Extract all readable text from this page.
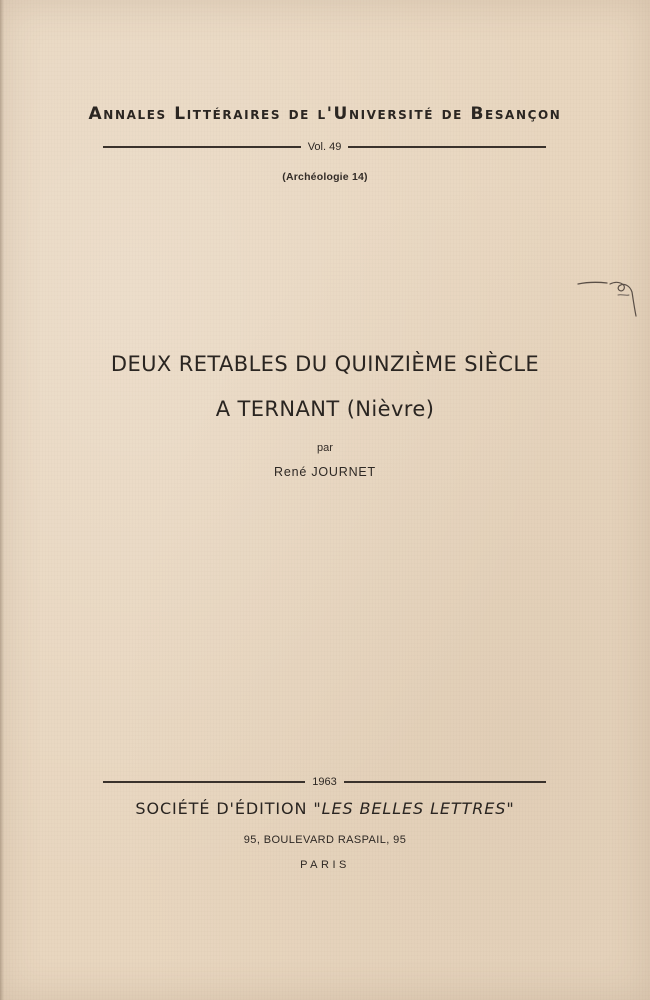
Annales Littéraires de l'Université de Besançon
Vol. 49
(Archéologie 14)
DEUX RETABLES DU QUINZIÈME SIÈCLE
A TERNANT (Nièvre)
par
René JOURNET
1963
SOCIÉTÉ D'ÉDITION "LES BELLES LETTRES"
95, BOULEVARD RASPAIL, 95
PARIS
